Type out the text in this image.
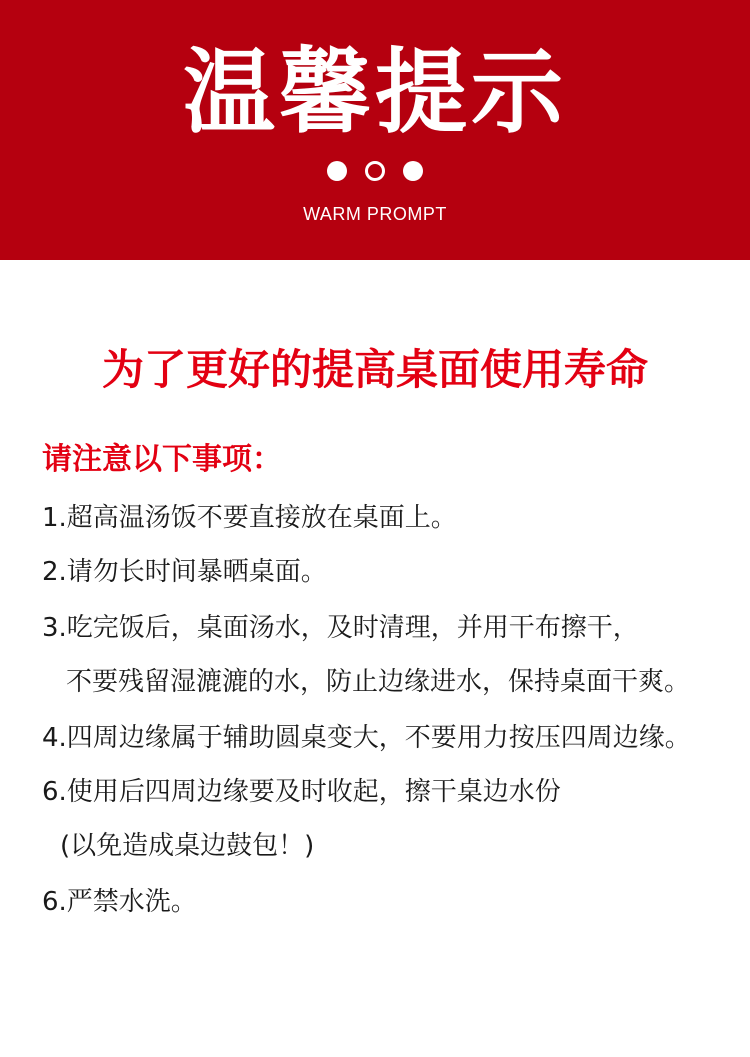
温馨提示
WARM PROMPT
为了更好的提高桌面使用寿命
请注意以下事项：
1.超高温汤饭不要直接放在桌面上。
2.请勿长时间暴晒桌面。
3.吃完饭后，桌面汤水，及时清理，并用干布擦干，
不要残留湿漉漉的水，防止边缘进水，保持桌面干爽。
4.四周边缘属于辅助圆桌变大，不要用力按压四周边缘。
6.使用后四周边缘要及时收起，擦干桌边水份
(以免造成桌边鼓包！)
6.严禁水洗。
